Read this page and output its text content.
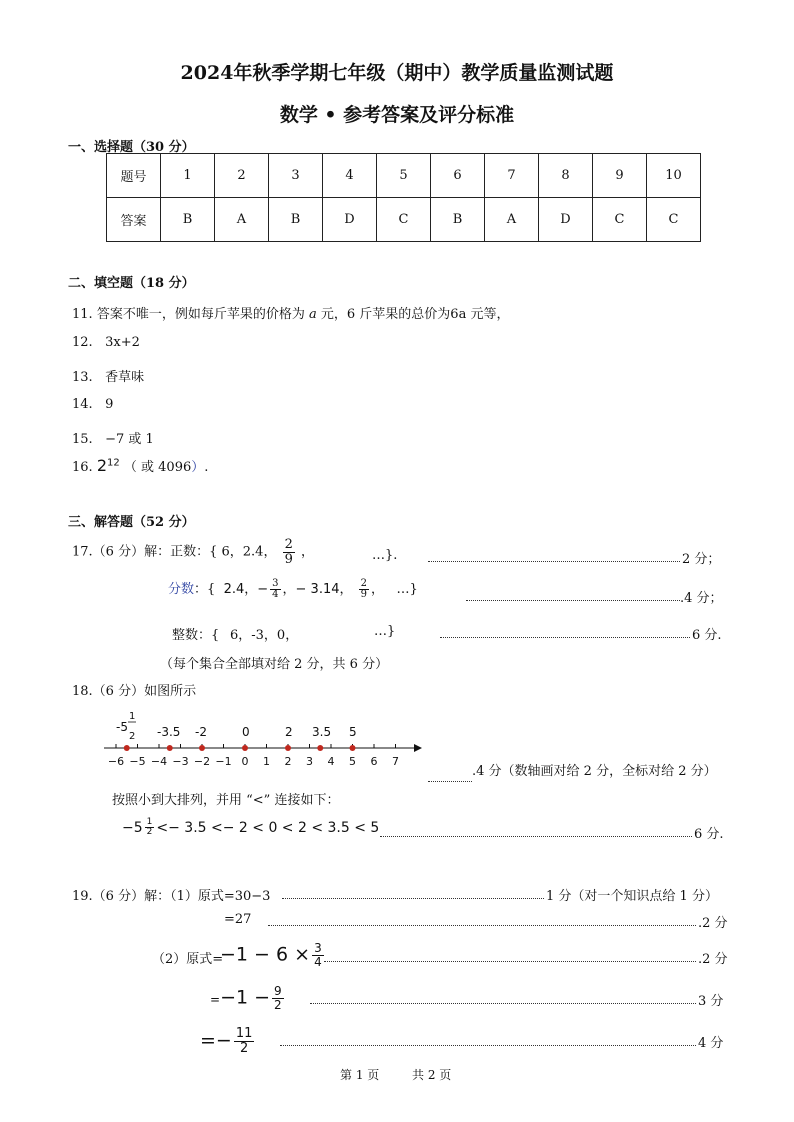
2024年秋季学期七年级（期中）教学质量监测试题
数学 • 参考答案及评分标准
一、选择题（30 分）
题号	1	2	3	4	5	6	7	8	9	10
答案	B	A	B	D	C	B	A	D	C	C
二、填空题（18 分）
11. 答案不唯一，例如每斤苹果的价格为 a 元，6 斤苹果的总价为6a 元等，
12. 3x+2
13. 香草味
14. 9
15. −7 或 1
16. $2^{12}$ （ 或 4096）.
三、解答题（52 分）
17.（6 分）解：正数：{ 6，2.4， $\frac{2}{9}$ ，	…}.	2 分；
分数：{ 2.4，− $\frac{3}{4}$ ，− 3.14， $\frac{2}{9}$ ， …}
.4 分；
整数：{ 6，-3，0，	…}	6 分.
（每个集合全部填对给 2 分，共 6 分）
18.（6 分）如图所示
−6 −5 −4 −3 −2 −1 0 1 2 3 4 5 6 7
-5
1
2 -3.5 -2	0	2 3.5 5
.4 分（数轴画对给 2 分，全标对给 2 分）
按照小到大排列，并用 “<” 连接如下：
$-5 \frac{1}{2} <- 3.5 <- 2 < 0 < 2 < 3.5 < 5$	6 分.
19.（6 分）解：（1）原式=30−3	1 分（对一个知识点给 1 分）
=27	.2 分
（2）原式=
$-1 - 6 \times \frac{3}{4}$	.2 分
$=-1 - \frac{9}{2}$	3 分
=− $\frac{11}{2}$	4 分
第 1 页	共 2 页
